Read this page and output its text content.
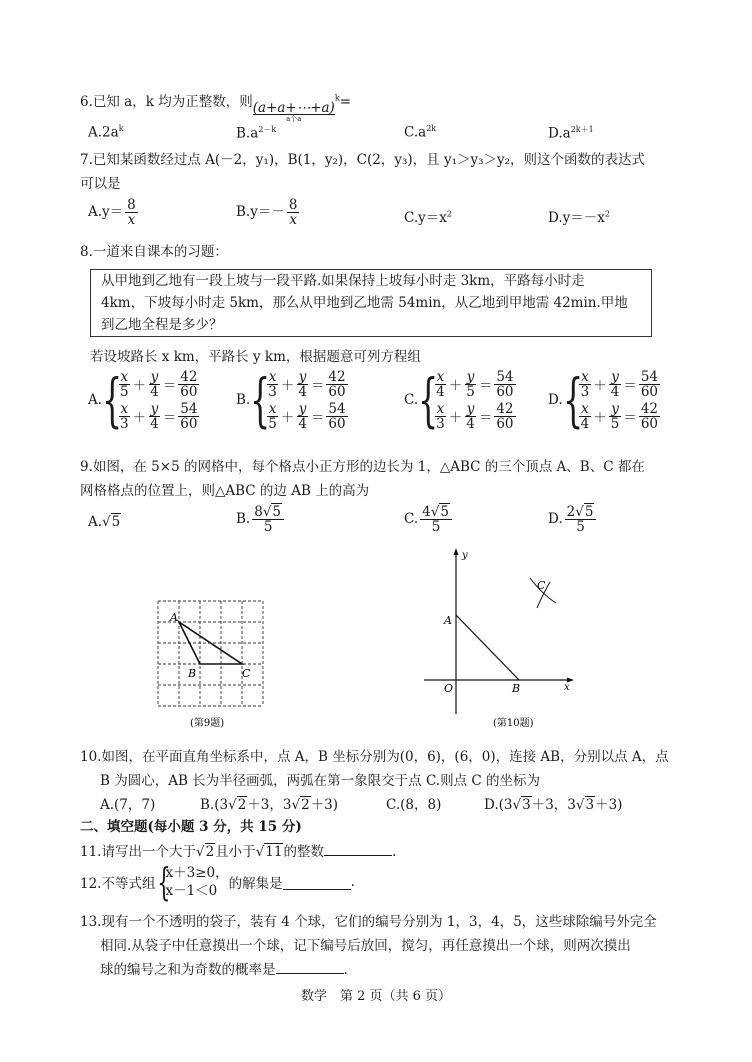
6.已知 a，k 均为正整数，则 (a+a+⋯+a)
a个a
$^k$=
$A.2a^k$	$B.a^{2-k}$	$C.a^{2k}$	$D.a^{2k+1}$
7.已知某函数经过点 A(－2，y₁)，B(1，y₂)，C(2，y₃)，且 y₁＞y₃＞y₂，则这个函数的表达式
可以是
$A.y= \frac{8}{x}$	$B.y=- \frac{8}{x}$	$C.y=x^2$	$D.y=-x^2$
8.一道来自课本的习题：
从甲地到乙地有一段上坡与一段平路.如果保持上坡每小时走 3km，平路每小时走
4km，下坡每小时走 5km，那么从甲地到乙地需 54min，从乙地到甲地需 42min.甲地
到乙地全程是多少？
若设坡路长 x km，平路长 y km，根据题意可列方程组
A. {
$\frac{x}{5} + \frac{y}{4} = \frac{42}{60}$
$\frac{x}{3} + \frac{y}{4} = \frac{54}{60}$
B. {
$\frac{x}{3} + \frac{y}{4} = \frac{42}{60}$
$\frac{x}{5} + \frac{y}{4} = \frac{54}{60}$
C. {
$\frac{x}{4} + \frac{y}{5} = \frac{54}{60}$
$\frac{x}{3} + \frac{y}{4} = \frac{42}{60}$
D. {
$\frac{x}{3} + \frac{y}{4} = \frac{54}{60}$
$\frac{x}{4} + \frac{y}{5} = \frac{42}{60}$
9.如图，在 5×5 的网格中，每个格点小正方形的边长为 1，△ABC 的三个顶点 A、B、C 都在
网格格点的位置上，则△ABC 的边 AB 上的高为
A.√5	B. $\frac{8√5}{5}$	C. $\frac{4√5}{5}$	D. $\frac{2√5}{5}$
A
B	C
(第9题)
y
x
O
A
B
C
(第10题)
10.如图，在平面直角坐标系中，点 A，B 坐标分别为(0，6)，(6，0)，连接 AB，分别以点 A，点
B 为圆心，AB 长为半径画弧，两弧在第一象限交于点 C.则点 C 的坐标为
A.(7，7)	B.(3√2＋3，3√2＋3)	C.(8，8)	D.(3√3＋3，3√3＋3)
二、填空题(每小题 3 分，共 15 分)
11.请写出一个大于√2且小于√11的整数	.
12.不等式组 {
x＋3≥0，
x－1＜0 的解集是	.
13.现有一个不透明的袋子，装有 4 个球，它们的编号分别为 1，3，4，5，这些球除编号外完全
相同.从袋子中任意摸出一个球，记下编号后放回，搅匀，再任意摸出一个球，则两次摸出
球的编号之和为奇数的概率是	.
数学　第 2 页（共 6 页）
